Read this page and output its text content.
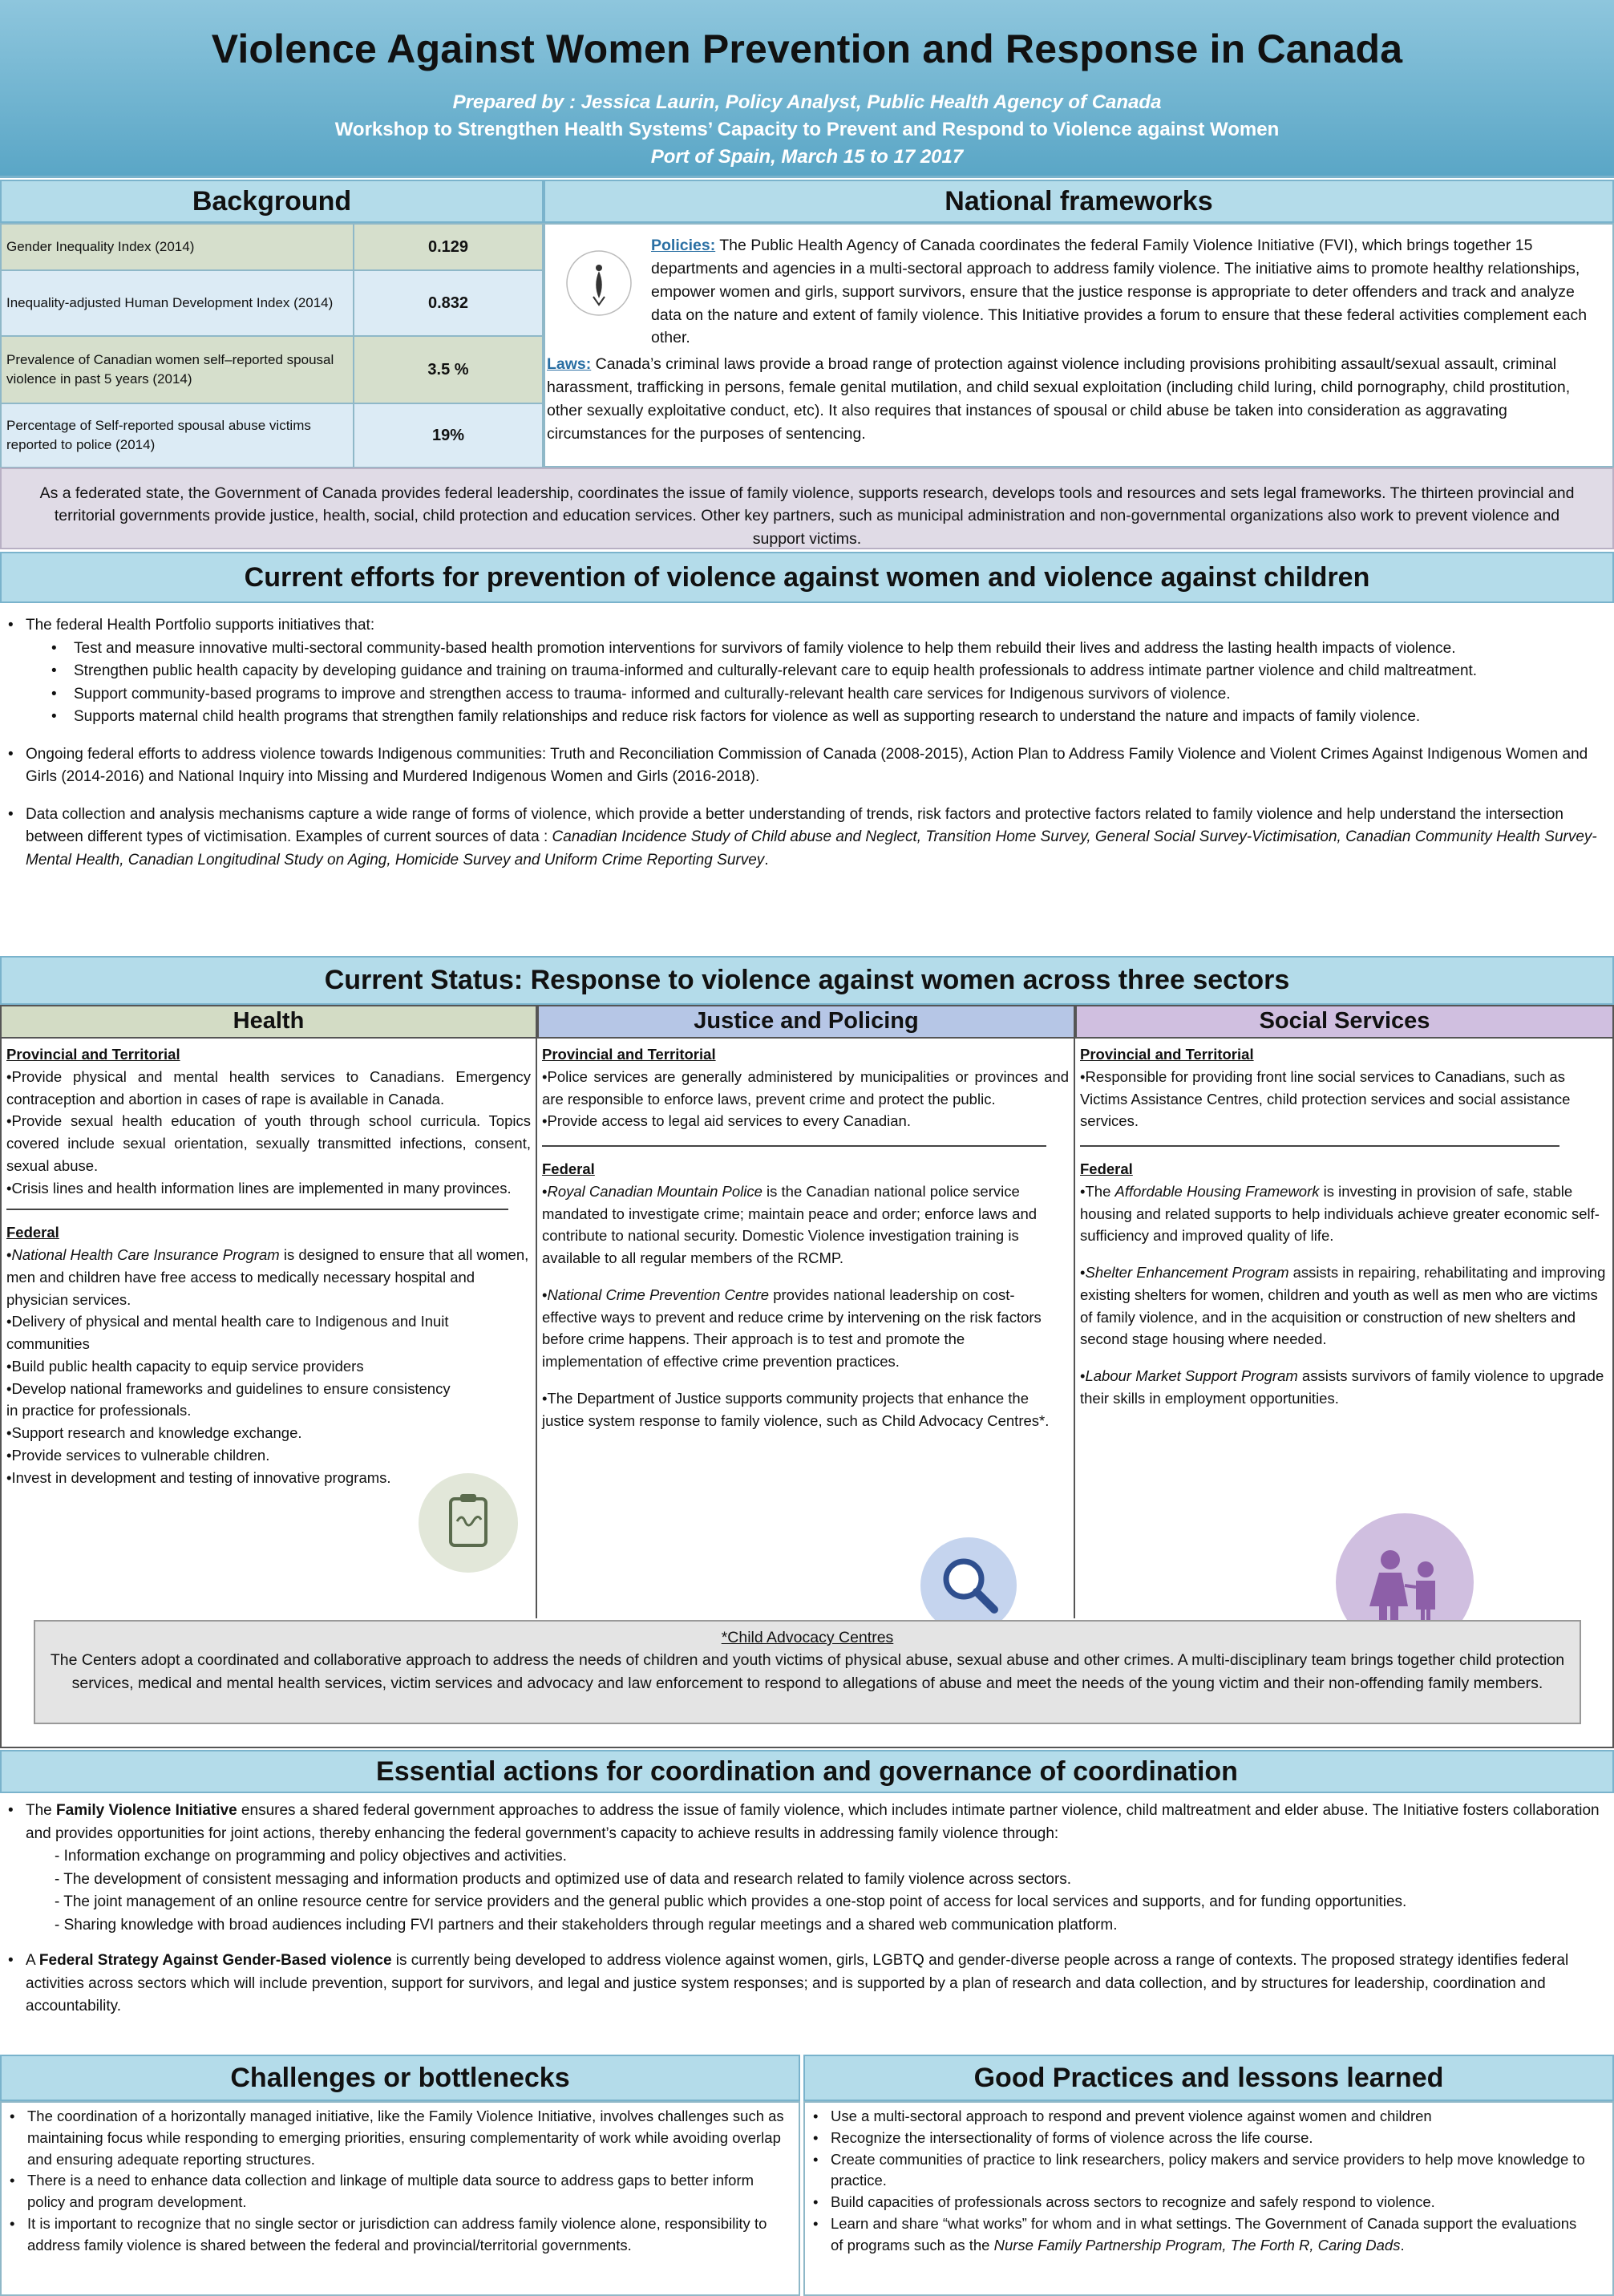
Violence Against Women Prevention and Response in Canada
Prepared by : Jessica Laurin, Policy Analyst, Public Health Agency of Canada
Workshop to Strengthen Health Systems’ Capacity to Prevent and Respond to Violence against Women
Port of Spain, March 15 to 17 2017
Background
Gender Inequality Index (2014)	0.129
Inequality-adjusted Human Development Index (2014)	0.832
Prevalence of Canadian women self–reported spousal violence in past 5 years (2014)	3.5 %
Percentage of Self-reported spousal abuse victims reported to police (2014)	19%
National frameworks
Policies: The Public Health Agency of Canada coordinates the federal Family Violence Initiative (FVI), which brings together 15 departments and agencies in a multi-sectoral approach to address family violence. The initiative aims to promote healthy relationships, empower women and girls, support survivors, ensure that the justice response is appropriate to deter offenders and track and analyze data on the nature and extent of family violence. This Initiative provides a forum to ensure that these federal activities complement each other.
Laws: Canada’s criminal laws provide a broad range of protection against violence including provisions prohibiting assault/sexual assault, criminal harassment, trafficking in persons, female genital mutilation, and child sexual exploitation (including child luring, child pornography, child prostitution, other sexually exploitative conduct, etc). It also requires that instances of spousal or child abuse be taken into consideration as aggravating circumstances for the purposes of sentencing.
As a federated state, the Government of Canada provides federal leadership, coordinates the issue of family violence, supports research, develops tools and resources and sets legal frameworks. The thirteen provincial and territorial governments provide justice, health, social, child protection and education services. Other key partners, such as municipal administration and non-governmental organizations also work to prevent violence and support victims.
Current efforts for prevention of violence against women and violence against children
• The federal Health Portfolio supports initiatives that:
• Test and measure innovative multi-sectoral community-based health promotion interventions for survivors of family violence to help them rebuild their lives and address the lasting health impacts of violence.
• Strengthen public health capacity by developing guidance and training on trauma-informed and culturally-relevant care to equip health professionals to address intimate partner violence and child maltreatment.
• Support community-based programs to improve and strengthen access to trauma- informed and culturally-relevant health care services for Indigenous survivors of violence.
• Supports maternal child health programs that strengthen family relationships and reduce risk factors for violence as well as supporting research to understand the nature and impacts of family violence.
• Ongoing federal efforts to address violence towards Indigenous communities: Truth and Reconciliation Commission of Canada (2008-2015), Action Plan to Address Family Violence and Violent Crimes Against Indigenous Women and Girls (2014-2016) and National Inquiry into Missing and Murdered Indigenous Women and Girls (2016-2018).
• Data collection and analysis mechanisms capture a wide range of forms of violence, which provide a better understanding of trends, risk factors and protective factors related to family violence and help understand the intersection between different types of victimisation. Examples of current sources of data : Canadian Incidence Study of Child abuse and Neglect, Transition Home Survey, General Social Survey-Victimisation, Canadian Community Health Survey-Mental Health, Canadian Longitudinal Study on Aging, Homicide Survey and Uniform Crime Reporting Survey.
Current Status: Response to violence against women across three sectors
Health	Justice and Policing	Social Services
Provincial and Territorial
•Provide physical and mental health services to Canadians. Emergency contraception and abortion in cases of rape is available in Canada.
•Provide sexual health education of youth through school curricula. Topics covered include sexual orientation, sexually transmitted infections, consent, sexual abuse.
•Crisis lines and health information lines are implemented in many provinces.
Federal
•National Health Care Insurance Program is designed to ensure that all women, men and children have free access to medically necessary hospital and physician services.
•Delivery of physical and mental health care to Indigenous and Inuit communities
•Build public health capacity to equip service providers
•Develop national frameworks and guidelines to ensure consistency in practice for professionals.
•Support research and knowledge exchange.
•Provide services to vulnerable children.
•Invest in development and testing of innovative programs.
Provincial and Territorial
•Police services are generally administered by municipalities or provinces and are responsible to enforce laws, prevent crime and protect the public.
•Provide access to legal aid services to every Canadian.
Federal
•Royal Canadian Mountain Police is the Canadian national police service mandated to investigate crime; maintain peace and order; enforce laws and contribute to national security. Domestic Violence investigation training is available to all regular members of the RCMP.
•National Crime Prevention Centre provides national leadership on cost-effective ways to prevent and reduce crime by intervening on the risk factors before crime happens. Their approach is to test and promote the implementation of effective crime prevention practices.
•The Department of Justice supports community projects that enhance the justice system response to family violence, such as Child Advocacy Centres*.
Provincial and Territorial
•Responsible for providing front line social services to Canadians, such as Victims Assistance Centres, child protection services and social assistance services.
Federal
•The Affordable Housing Framework is investing in provision of safe, stable housing and related supports to help individuals achieve greater economic self-sufficiency and improved quality of life.
•Shelter Enhancement Program assists in repairing, rehabilitating and improving existing shelters for women, children and youth as well as men who are victims of family violence, and in the acquisition or construction of new shelters and second stage housing where needed.
•Labour Market Support Program assists survivors of family violence to upgrade their skills in employment opportunities.
*Child Advocacy Centres
The Centers adopt a coordinated and collaborative approach to address the needs of children and youth victims of physical abuse, sexual abuse and other crimes. A multi-disciplinary team brings together child protection services, medical and mental health services, victim services and advocacy and law enforcement to respond to allegations of abuse and meet the needs of the young victim and their non-offending family members.
Essential actions for coordination and governance of coordination
• The Family Violence Initiative ensures a shared federal government approaches to address the issue of family violence, which includes intimate partner violence, child maltreatment and elder abuse. The Initiative fosters collaboration and provides opportunities for joint actions, thereby enhancing the federal government’s capacity to achieve results in addressing family violence through:
- Information exchange on programming and policy objectives and activities.
- The development of consistent messaging and information products and optimized use of data and research related to family violence across sectors.
- The joint management of an online resource centre for service providers and the general public which provides a one-stop point of access for local services and supports, and for funding opportunities.
- Sharing knowledge with broad audiences including FVI partners and their stakeholders through regular meetings and a shared web communication platform.
• A Federal Strategy Against Gender-Based violence is currently being developed to address violence against women, girls, LGBTQ and gender-diverse people across a range of contexts. The proposed strategy identifies federal activities across sectors which will include prevention, support for survivors, and legal and justice system responses; and is supported by a plan of research and data collection, and by structures for leadership, coordination and accountability.
Challenges or bottlenecks
• The coordination of a horizontally managed initiative, like the Family Violence Initiative, involves challenges such as maintaining focus while responding to emerging priorities, ensuring complementarity of work while avoiding overlap and ensuring adequate reporting structures.
• There is a need to enhance data collection and linkage of multiple data source to address gaps to better inform policy and program development.
• It is important to recognize that no single sector or jurisdiction can address family violence alone, responsibility to address family violence is shared between the federal and provincial/territorial governments.
Good Practices and lessons learned
• Use a multi-sectoral approach to respond and prevent violence against women and children
• Recognize the intersectionality of forms of violence across the life course.
• Create communities of practice to link researchers, policy makers and service providers to help move knowledge to practice.
• Build capacities of professionals across sectors to recognize and safely respond to violence.
• Learn and share “what works” for whom and in what settings. The Government of Canada support the evaluations of programs such as the Nurse Family Partnership Program, The Forth R, Caring Dads.
